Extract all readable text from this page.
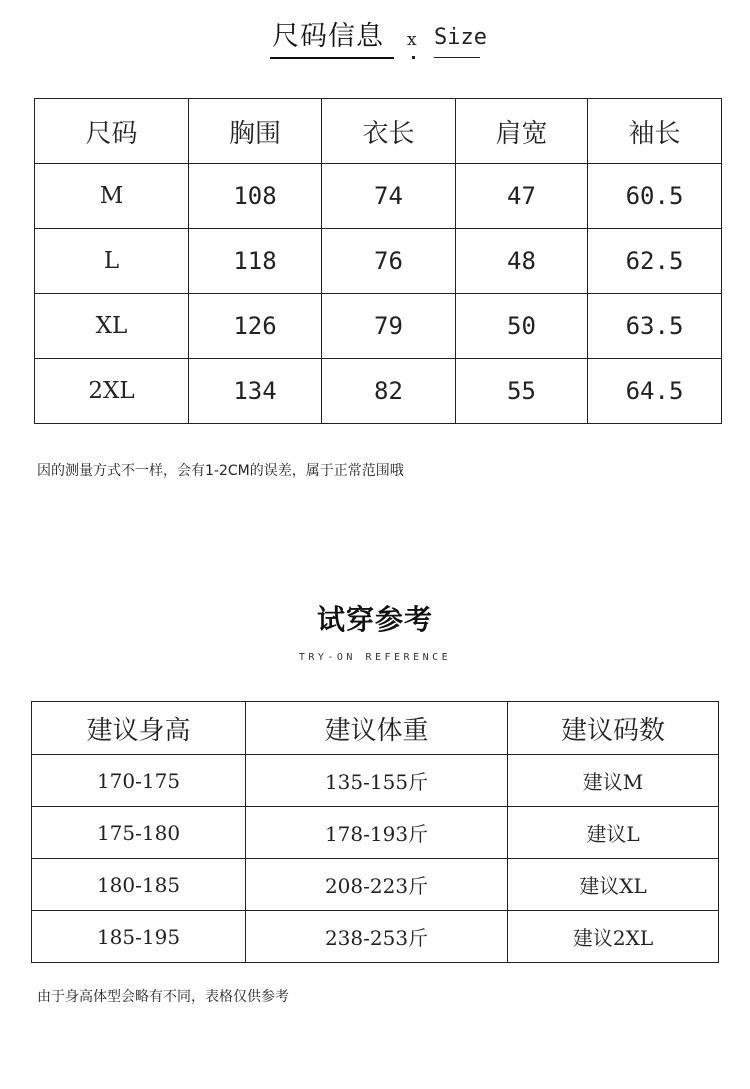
尺码信息 x Size
尺码	胸围	衣长	肩宽	袖长
M	108	74	47	60.5
L	118	76	48	62.5
XL	126	79	50	63.5
2XL	134	82	55	64.5
因的测量方式不一样，会有1-2CM的误差，属于正常范围哦
试穿参考
TRY-ON REFERENCE
建议身高	建议体重	建议码数
170-175	135-155斤	建议M
175-180	178-193斤	建议L
180-185	208-223斤	建议XL
185-195	238-253斤	建议2XL
由于身高体型会略有不同，表格仅供参考
